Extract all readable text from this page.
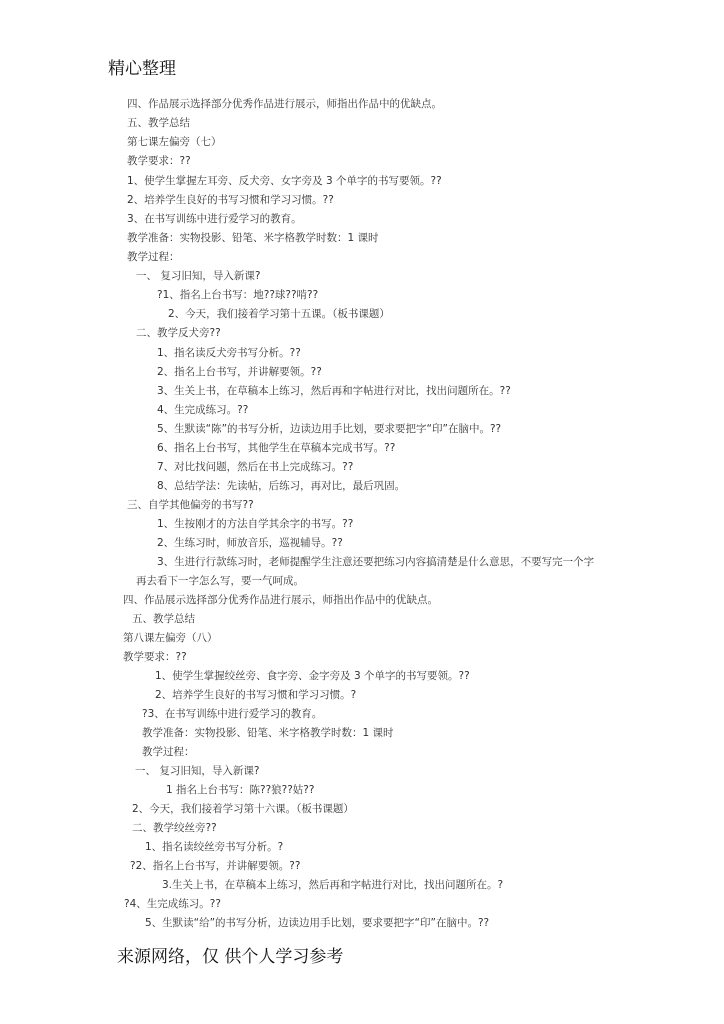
精心整理
四、作品展示选择部分优秀作品进行展示，师指出作品中的优缺点。
五、教学总结
第七课左偏旁（七）
教学要求：??
1、使学生掌握左耳旁、反犬旁、女字旁及 3 个单字的书写要领。??
2、培养学生良好的书写习惯和学习习惯。??
3、在书写训练中进行爱学习的教育。
教学准备：实物投影、铅笔、米字格教学时数：1 课时
教学过程：
一、 复习旧知，导入新课?
?1、指名上台书写：地??球??啃??
2、今天，我们接着学习第十五课。（板书课题）
二、教学反犬旁??
1、指名读反犬旁书写分析。??
2、指名上台书写，并讲解要领。??
3、生关上书，在草稿本上练习，然后再和字帖进行对比，找出问题所在。??
4、生完成练习。??
5、生默读“陈”的书写分析，边读边用手比划，要求要把字“印”在脑中。??
6、指名上台书写，其他学生在草稿本完成书写。??
7、对比找问题，然后在书上完成练习。??
8、总结学法：先读帖，后练习，再对比，最后巩固。
三、自学其他偏旁的书写??
1、生按刚才的方法自学其余字的书写。??
2、生练习时，师放音乐，巡视辅导。??
3、生进行行款练习时，老师提醒学生注意还要把练习内容搞清楚是什么意思，不要写完一个字
再去看下一字怎么写，要一气呵成。
四、作品展示选择部分优秀作品进行展示，师指出作品中的优缺点。
五、教学总结
第八课左偏旁（八）
教学要求：??
1、使学生掌握绞丝旁、食字旁、金字旁及 3 个单字的书写要领。??
2、培养学生良好的书写习惯和学习习惯。?
?3、在书写训练中进行爱学习的教育。
教学准备：实物投影、铅笔、米字格教学时数：1 课时
教学过程：
一、 复习旧知，导入新课?
1 指名上台书写：陈??狼??姑??
2、今天，我们接着学习第十六课。（板书课题）
二、教学绞丝旁??
1、指名读绞丝旁书写分析。?
?2、指名上台书写，并讲解要领。??
3.生关上书，在草稿本上练习，然后再和字帖进行对比，找出问题所在。?
?4、生完成练习。??
5、生默读“给”的书写分析，边读边用手比划，要求要把字“印”在脑中。??
来源网络，仅 供个人学习参考
